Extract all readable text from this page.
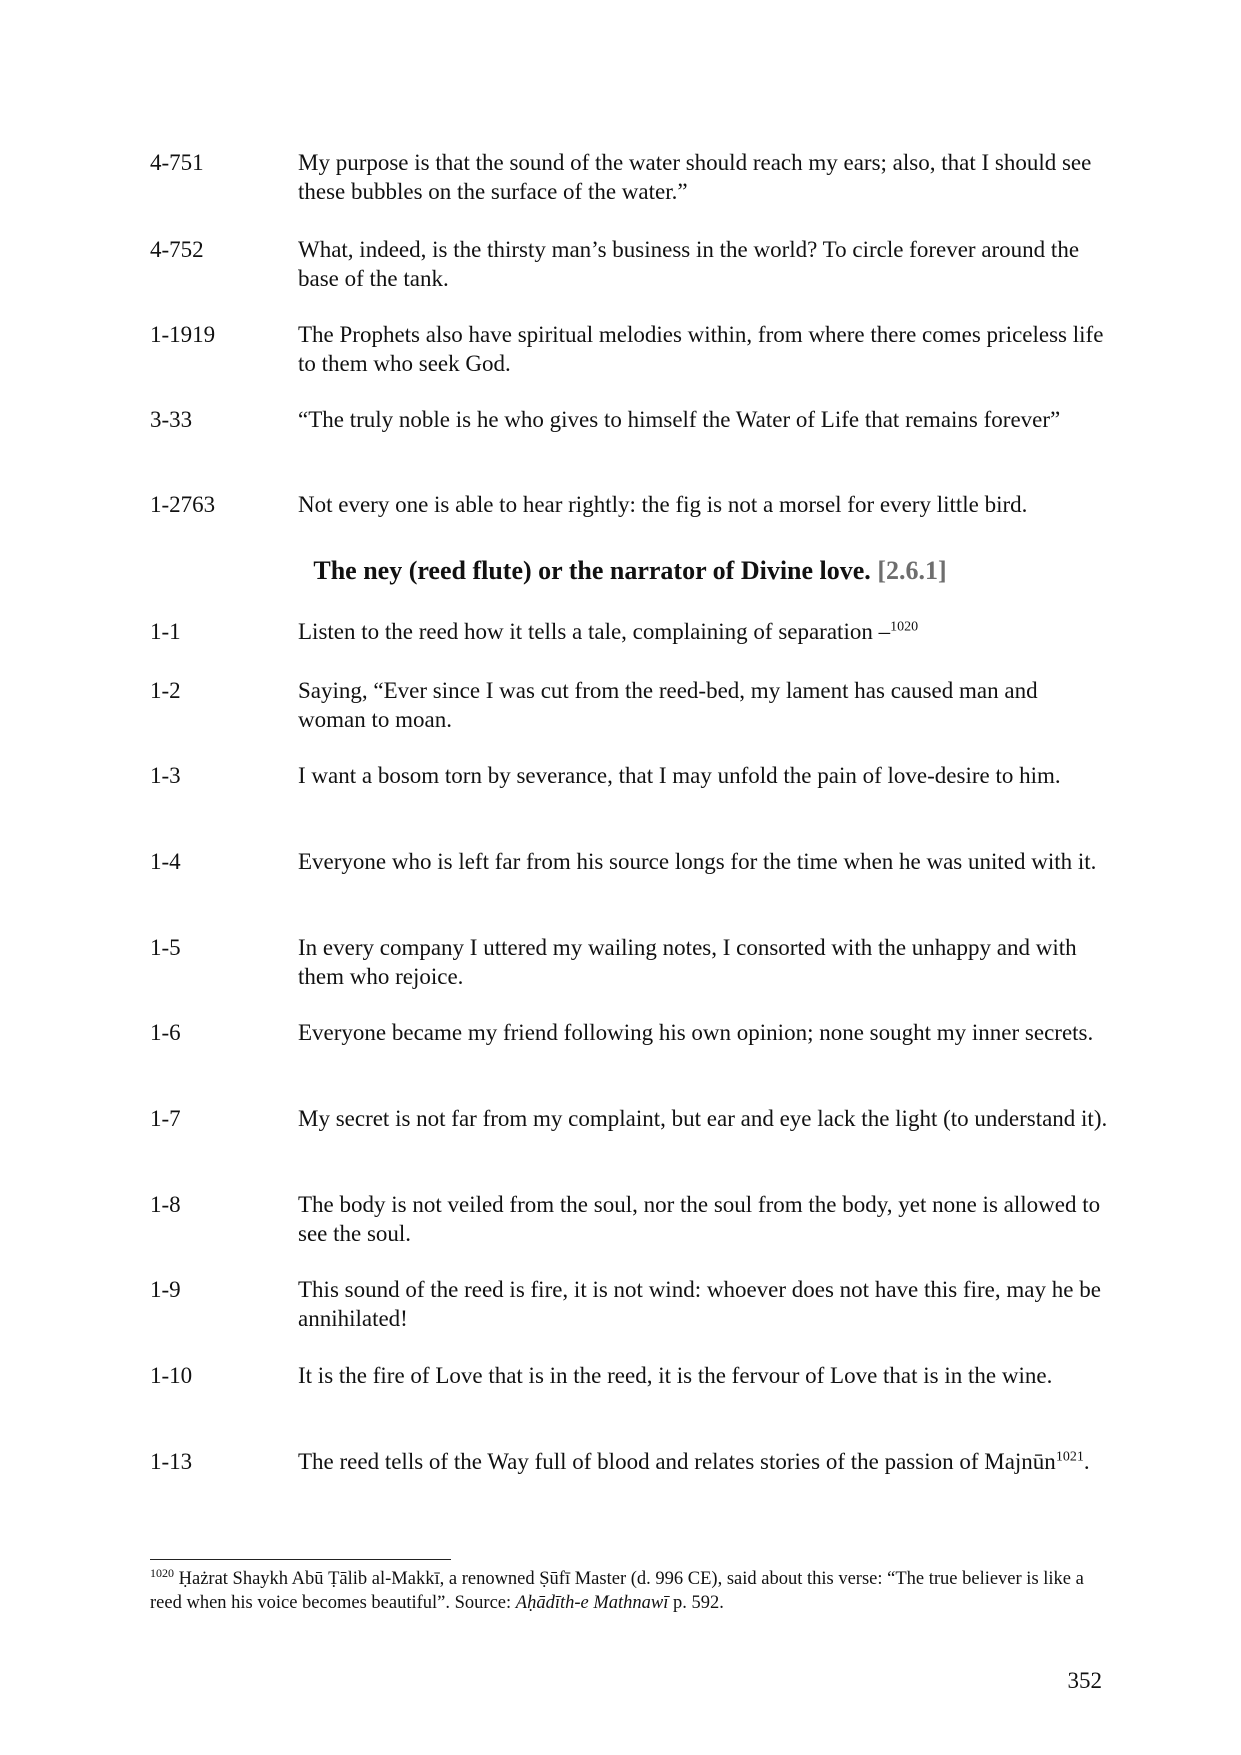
4-751	My purpose is that the sound of the water should reach my ears; also, that I should see these bubbles on the surface of the water.”
4-752	What, indeed, is the thirsty man’s business in the world? To circle forever around the base of the tank.
1-1919	The Prophets also have spiritual melodies within, from where there comes priceless life to them who seek God.
3-33	“The truly noble is he who gives to himself the Water of Life that remains forever”
1-2763	Not every one is able to hear rightly: the fig is not a morsel for every little bird.
The ney (reed flute) or the narrator of Divine love. [2.6.1]
1-1	Listen to the reed how it tells a tale, complaining of separation –$^{1020}$
1-2	Saying, “Ever since I was cut from the reed-bed, my lament has caused man and woman to moan.
1-3	I want a bosom torn by severance, that I may unfold the pain of love-desire to him.
1-4	Everyone who is left far from his source longs for the time when he was united with it.
1-5	In every company I uttered my wailing notes, I consorted with the unhappy and with them who rejoice.
1-6	Everyone became my friend following his own opinion; none sought my inner secrets.
1-7	My secret is not far from my complaint, but ear and eye lack the light (to understand it).
1-8	The body is not veiled from the soul, nor the soul from the body, yet none is allowed to see the soul.
1-9	This sound of the reed is fire, it is not wind: whoever does not have this fire, may he be annihilated!
1-10	It is the fire of Love that is in the reed, it is the fervour of Love that is in the wine.
1-13	The reed tells of the Way full of blood and relates stories of the passion of Majnūn$^{1021}$.
$^{1020}$ Ḥażrat Shaykh Abū Ṭālib al-Makkī, a renowned Ṣūfī Master (d. 996 CE), said about this verse: “The true believer is like a reed when his voice becomes beautiful”. Source: Aḥādīth-e Mathnawī p. 592.
352
